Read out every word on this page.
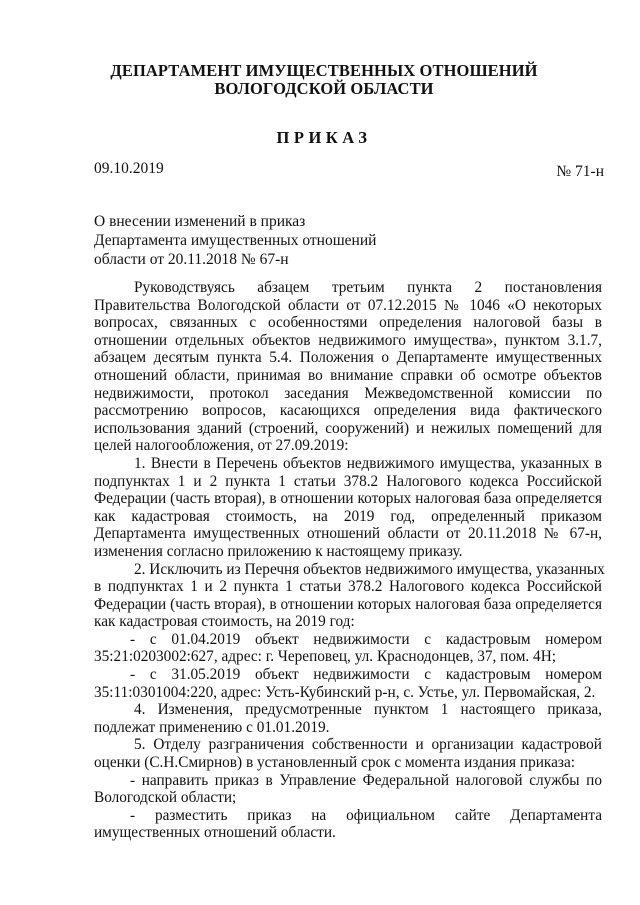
ДЕПАРТАМЕНТ ИМУЩЕСТВЕННЫХ ОТНОШЕНИЙ
ВОЛОГОДСКОЙ ОБЛАСТИ
ПРИКАЗ
09.10.2019	№ 71-н
О внесении изменений в приказ
Департамента имущественных отношений
области от 20.11.2018 № 67-н
Руководствуясь абзацем третьим пункта 2 постановления
Правительства Вологодской области от 07.12.2015 № 1046 «О некоторых
вопросах, связанных с особенностями определения налоговой базы в
отношении отдельных объектов недвижимого имущества», пунктом 3.1.7,
абзацем десятым пункта 5.4. Положения о Департаменте имущественных
отношений области, принимая во внимание справки об осмотре объектов
недвижимости, протокол заседания Межведомственной комиссии по
рассмотрению вопросов, касающихся определения вида фактического
использования зданий (строений, сооружений) и нежилых помещений для
целей налогообложения, от 27.09.2019:
1. Внести в Перечень объектов недвижимого имущества, указанных в
подпунктах 1 и 2 пункта 1 статьи 378.2 Налогового кодекса Российской
Федерации (часть вторая), в отношении которых налоговая база определяется
как кадастровая стоимость, на 2019 год, определенный приказом
Департамента имущественных отношений области от 20.11.2018 № 67-н,
изменения согласно приложению к настоящему приказу.
2. Исключить из Перечня объектов недвижимого имущества, указанных
в подпунктах 1 и 2 пункта 1 статьи 378.2 Налогового кодекса Российской
Федерации (часть вторая), в отношении которых налоговая база определяется
как кадастровая стоимость, на 2019 год:
- с 01.04.2019 объект недвижимости с кадастровым номером
35:21:0203002:627, адрес: г. Череповец, ул. Краснодонцев, 37, пом. 4Н;
- с 31.05.2019 объект недвижимости с кадастровым номером
35:11:0301004:220, адрес: Усть-Кубинский р-н, с. Устье, ул. Первомайская, 2.
4. Изменения, предусмотренные пунктом 1 настоящего приказа,
подлежат применению с 01.01.2019.
5. Отделу разграничения собственности и организации кадастровой
оценки (С.Н.Смирнов) в установленный срок с момента издания приказа:
- направить приказ в Управление Федеральной налоговой службы по
Вологодской области;
- разместить приказ на официальном сайте Департамента
имущественных отношений области.
